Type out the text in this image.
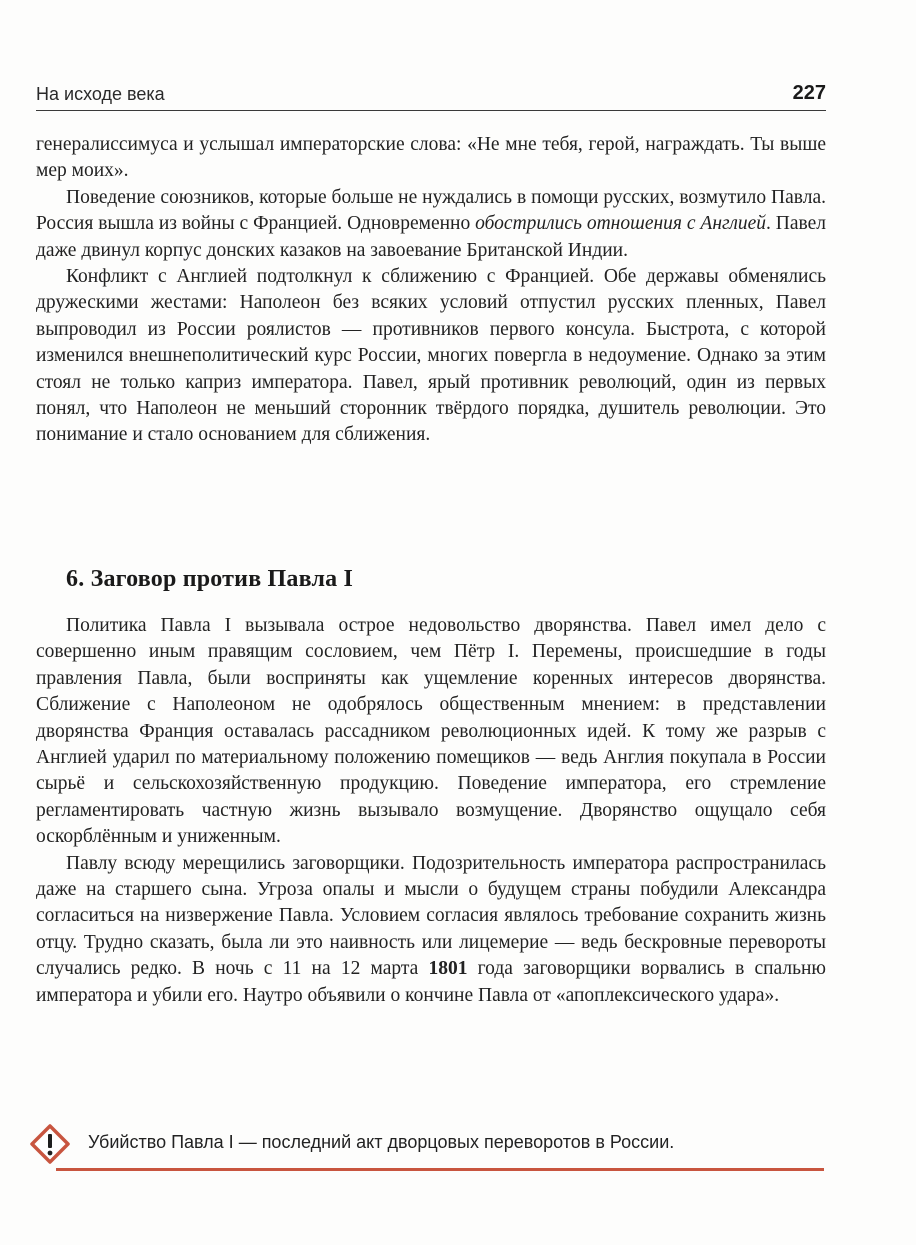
На исходе века	227

генералиссимуса и услышал императорские слова: «Не мне тебя, герой, награждать. Ты выше мер моих».

Поведение союзников, которые больше не нуждались в помощи русских, возмутило Павла. Россия вышла из войны с Францией. Одновременно обострились отношения с Англией. Павел даже двинул корпус донских казаков на завоевание Британской Индии.

Конфликт с Англией подтолкнул к сближению с Францией. Обе державы обменялись дружескими жестами: Наполеон без всяких условий отпустил русских пленных, Павел выпроводил из России роялистов — противников первого консула. Быстрота, с которой изменился внешнеполитический курс России, многих повергла в недоумение. Однако за этим стоял не только каприз императора. Павел, ярый противник революций, один из первых понял, что Наполеон не меньший сторонник твёрдого порядка, душитель революции. Это понимание и стало основанием для сближения.

6. Заговор против Павла I

Политика Павла I вызывала острое недовольство дворянства. Павел имел дело с совершенно иным правящим сословием, чем Пётр I. Перемены, происшедшие в годы правления Павла, были восприняты как ущемление коренных интересов дворянства. Сближение с Наполеоном не одобрялось общественным мнением: в представлении дворянства Франция оставалась рассадником революционных идей. К тому же разрыв с Англией ударил по материальному положению помещиков — ведь Англия покупала в России сырьё и сельскохозяйственную продукцию. Поведение императора, его стремление регламентировать частную жизнь вызывало возмущение. Дворянство ощущало себя оскорблённым и униженным.

Павлу всюду мерещились заговорщики. Подозрительность императора распространилась даже на старшего сына. Угроза опалы и мысли о будущем страны побудили Александра согласиться на низвержение Павла. Условием согласия являлось требование сохранить жизнь отцу. Трудно сказать, была ли это наивность или лицемерие — ведь бескровные перевороты случались редко. В ночь с 11 на 12 марта 1801 года заговорщики ворвались в спальню императора и убили его. Наутро объявили о кончине Павла от «апоплексического удара».

Убийство Павла I — последний акт дворцовых переворотов в России.
